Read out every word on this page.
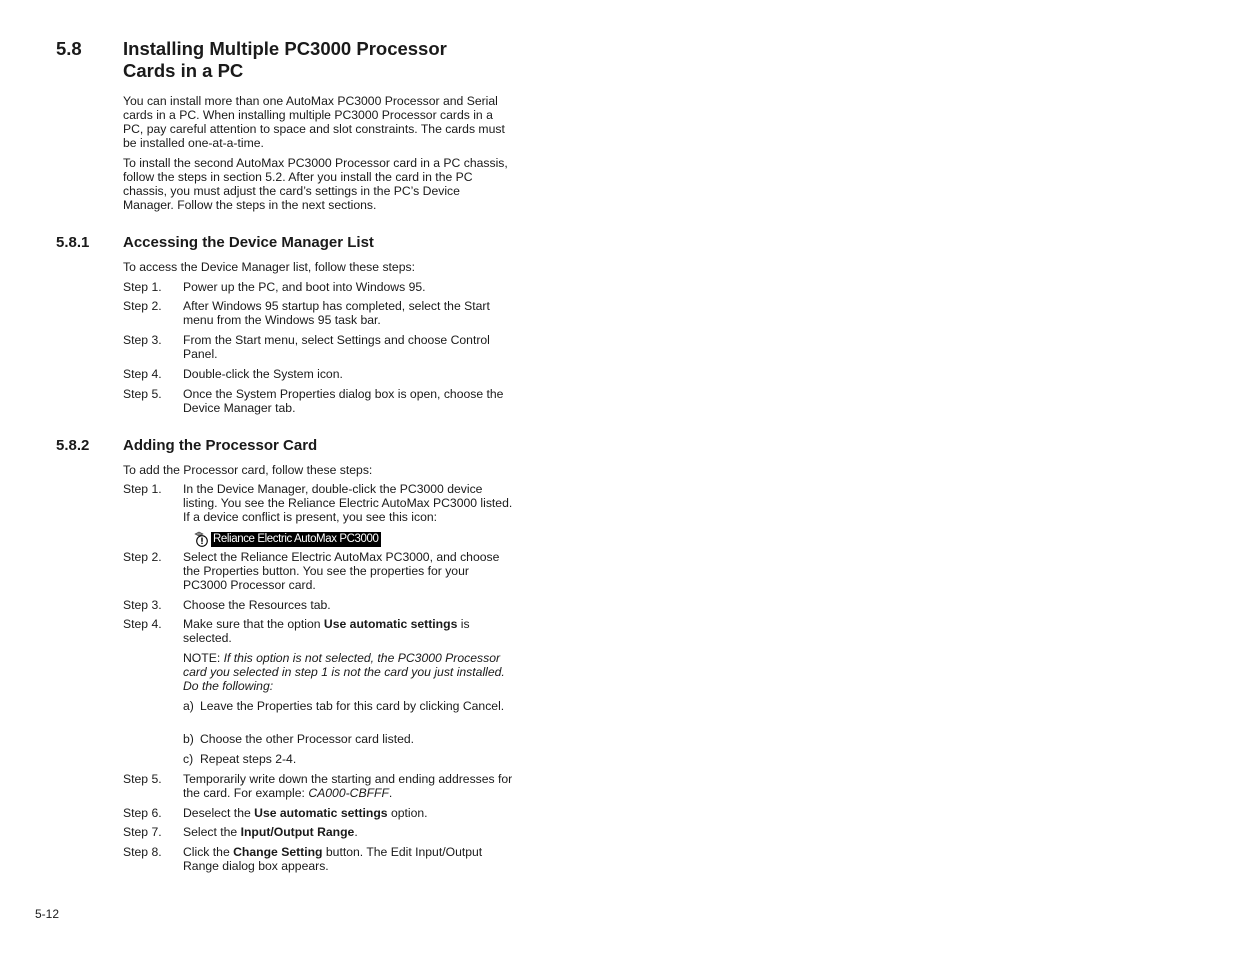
5.8 Installing Multiple PC3000 Processor Cards in a PC
You can install more than one AutoMax PC3000 Processor and Serial cards in a PC. When installing multiple PC3000 Processor cards in a PC, pay careful attention to space and slot constraints. The cards must be installed one-at-a-time.
To install the second AutoMax PC3000 Processor card in a PC chassis, follow the steps in section 5.2. After you install the card in the PC chassis, you must adjust the card’s settings in the PC’s Device Manager. Follow the steps in the next sections.
5.8.1 Accessing the Device Manager List
To access the Device Manager list, follow these steps:
Step 1. Power up the PC, and boot into Windows 95.
Step 2. After Windows 95 startup has completed, select the Start menu from the Windows 95 task bar.
Step 3. From the Start menu, select Settings and choose Control Panel.
Step 4. Double-click the System icon.
Step 5. Once the System Properties dialog box is open, choose the Device Manager tab.
5.8.2 Adding the Processor Card
To add the Processor card, follow these steps:
Step 1. In the Device Manager, double-click the PC3000 device listing. You see the Reliance Electric AutoMax PC3000 listed. If a device conflict is present, you see this icon:
Reliance Electric AutoMax PC3000
Step 2. Select the Reliance Electric AutoMax PC3000, and choose the Properties button. You see the properties for your PC3000 Processor card.
Step 3. Choose the Resources tab.
Step 4. Make sure that the option Use automatic settings is selected.
NOTE: If this option is not selected, the PC3000 Processor card you selected in step 1 is not the card you just installed. Do the following:
a) Leave the Properties tab for this card by clicking Cancel.
b) Choose the other Processor card listed.
c) Repeat steps 2-4.
Step 5. Temporarily write down the starting and ending addresses for the card. For example: CA000-CBFFF.
Step 6. Deselect the Use automatic settings option.
Step 7. Select the Input/Output Range.
Step 8. Click the Change Setting button. The Edit Input/Output Range dialog box appears.
5-12
